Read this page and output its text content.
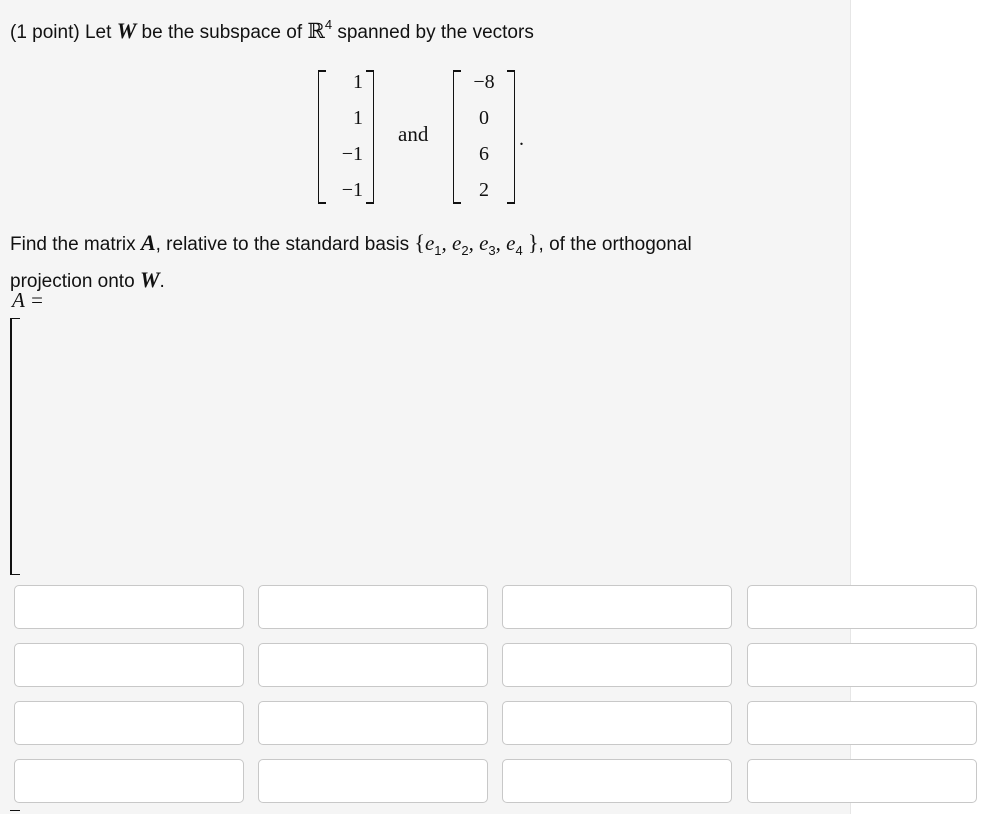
(1 point) Let W be the subspace of ℝ$^4$ spanned by the vectors
1
1
−1
−1
and
−8
0
6
2
.
Find the matrix A, relative to the standard basis {$e_1$, $e_2$, $e_3$, $e_4$ }, of the orthogonal
projection onto W.
A =
